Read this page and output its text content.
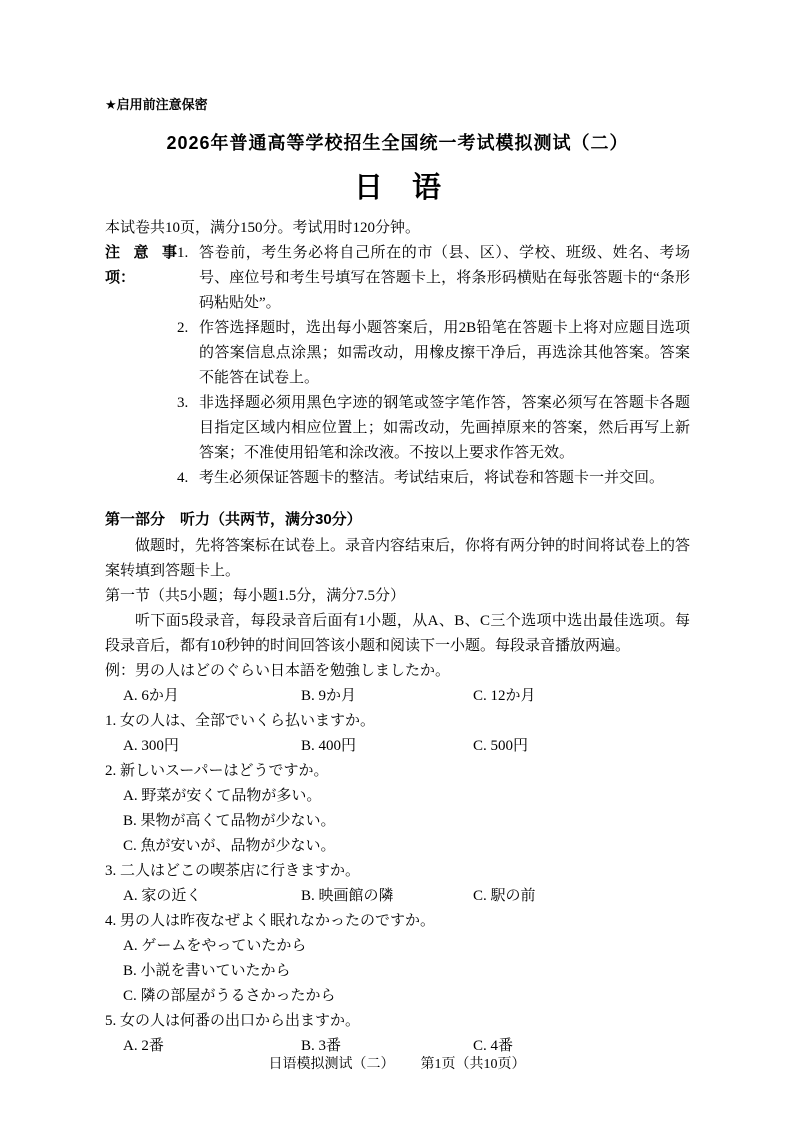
★启用前注意保密
2026年普通高等学校招生全国统一考试模拟测试（二）
日　语

本试卷共10页，满分150分。考试用时120分钟。

注意事项：
1. 答卷前，考生务必将自己所在的市（县、区）、学校、班级、姓名、考场号、座位号和考生号填写在答题卡上，将条形码横贴在每张答题卡的“条形码粘贴处”。
2. 作答选择题时，选出每小题答案后，用2B铅笔在答题卡上将对应题目选项的答案信息点涂黑；如需改动，用橡皮擦干净后，再选涂其他答案。答案不能答在试卷上。
3. 非选择题必须用黑色字迹的钢笔或签字笔作答，答案必须写在答题卡各题目指定区域内相应位置上；如需改动，先画掉原来的答案，然后再写上新答案；不准使用铅笔和涂改液。不按以上要求作答无效。
4. 考生必须保证答题卡的整洁。考试结束后，将试卷和答题卡一并交回。
第一部分　听力（共两节，满分30分）

做题时，先将答案标在试卷上。录音内容结束后，你将有两分钟的时间将试卷上的答案转填到答题卡上。

第一节（共5小题；每小题1.5分，满分7.5分）

听下面5段录音，每段录音后面有1小题，从A、B、C三个选项中选出最佳选项。每段录音后，都有10秒钟的时间回答该小题和阅读下一小题。每段录音播放两遍。

例：男の人はどのぐらい日本語を勉強しましたか。

A. 6か月	B. 9か月	C. 12か月

1. 女の人は、全部でいくら払いますか。

A. 300円	B. 400円	C. 500円

2. 新しいスーパーはどうですか。

A. 野菜が安くて品物が多い。
B. 果物が高くて品物が少ない。
C. 魚が安いが、品物が少ない。

3. 二人はどこの喫茶店に行きますか。

A. 家の近く	B. 映画館の隣	C. 駅の前

4. 男の人は昨夜なぜよく眠れなかったのですか。

A. ゲームをやっていたから
B. 小説を書いていたから
C. 隣の部屋がうるさかったから

5. 女の人は何番の出口から出ますか。

A. 2番	B. 3番	C. 4番
日语模拟测试（二） 第1页（共10页）
